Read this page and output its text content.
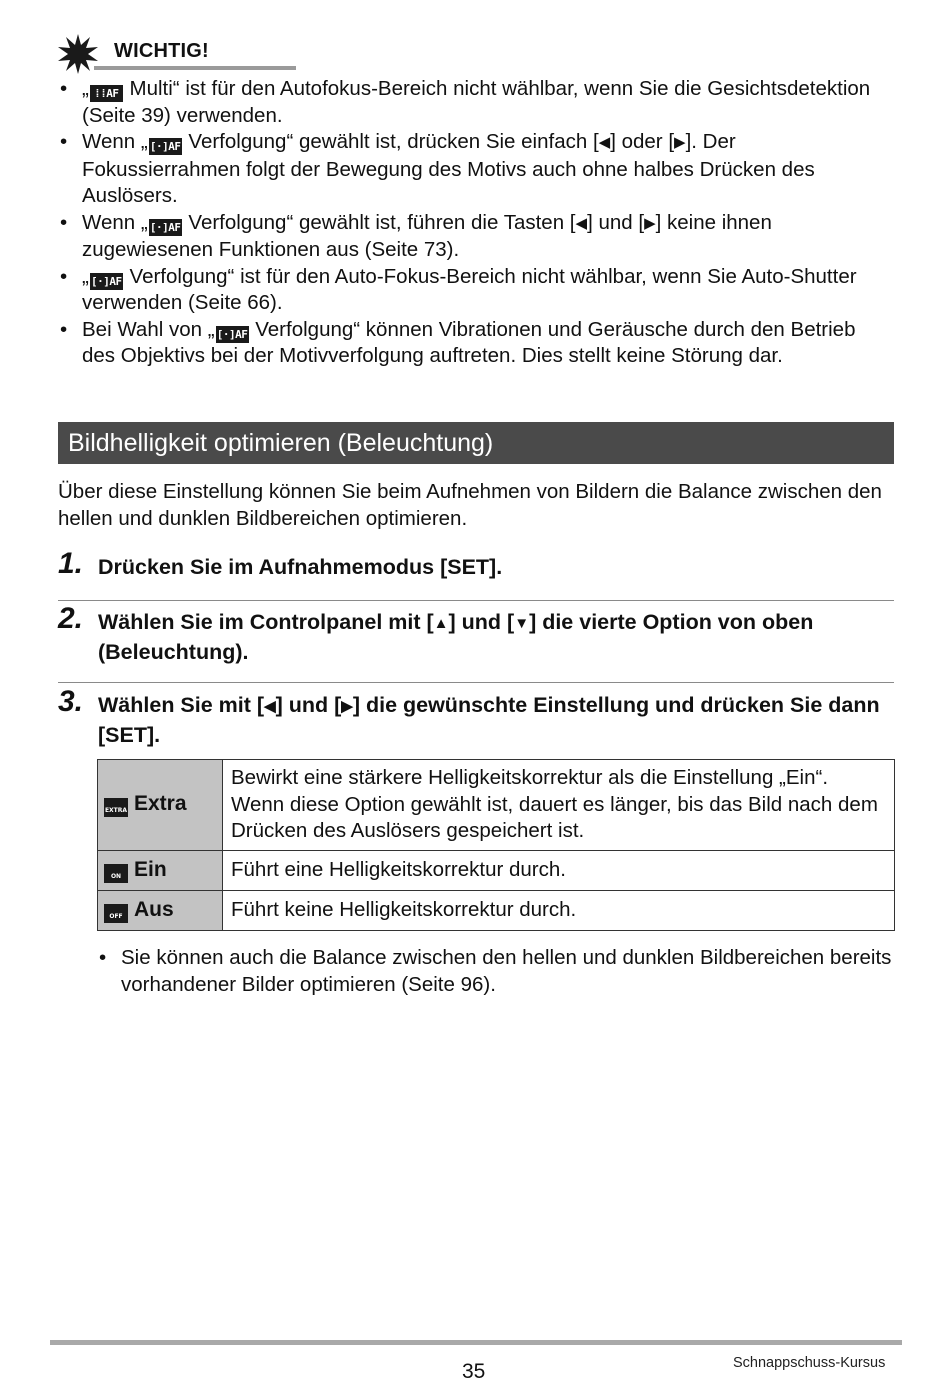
WICHTIG!
• „ ⁞⁞AF Multi“ ist für den Autofokus-Bereich nicht wählbar, wenn Sie die Gesichtsdetektion (Seite 39) verwenden.
• Wenn „ [·]AF Verfolgung“ gewählt ist, drücken Sie einfach [◀] oder [▶]. Der Fokussierrahmen folgt der Bewegung des Motivs auch ohne halbes Drücken des Auslösers.
• Wenn „ [·]AF Verfolgung“ gewählt ist, führen die Tasten [◀] und [▶] keine ihnen zugewiesenen Funktionen aus (Seite 73).
• „ [·]AF Verfolgung“ ist für den Auto-Fokus-Bereich nicht wählbar, wenn Sie Auto-Shutter verwenden (Seite 66).
• Bei Wahl von „ [·]AF Verfolgung“ können Vibrationen und Geräusche durch den Betrieb des Objektivs bei der Motivverfolgung auftreten. Dies stellt keine Störung dar.
Bildhelligkeit optimieren (Beleuchtung)
Über diese Einstellung können Sie beim Aufnehmen von Bildern die Balance zwischen den hellen und dunklen Bildbereichen optimieren.
1. Drücken Sie im Aufnahmemodus [SET].
2. Wählen Sie im Controlpanel mit [▲] und [▼] die vierte Option von oben (Beleuchtung).
3. Wählen Sie mit [◀] und [▶] die gewünschte Einstellung und drücken Sie dann [SET].
EXTRA Extra	Bewirkt eine stärkere Helligkeitskorrektur als die Einstellung „Ein“. Wenn diese Option gewählt ist, dauert es länger, bis das Bild nach dem Drücken des Auslösers gespeichert ist.
ON Ein	Führt eine Helligkeitskorrektur durch.
OFF Aus	Führt keine Helligkeitskorrektur durch.
• Sie können auch die Balance zwischen den hellen und dunklen Bildbereichen bereits vorhandener Bilder optimieren (Seite 96).
35	Schnappschuss-Kursus
